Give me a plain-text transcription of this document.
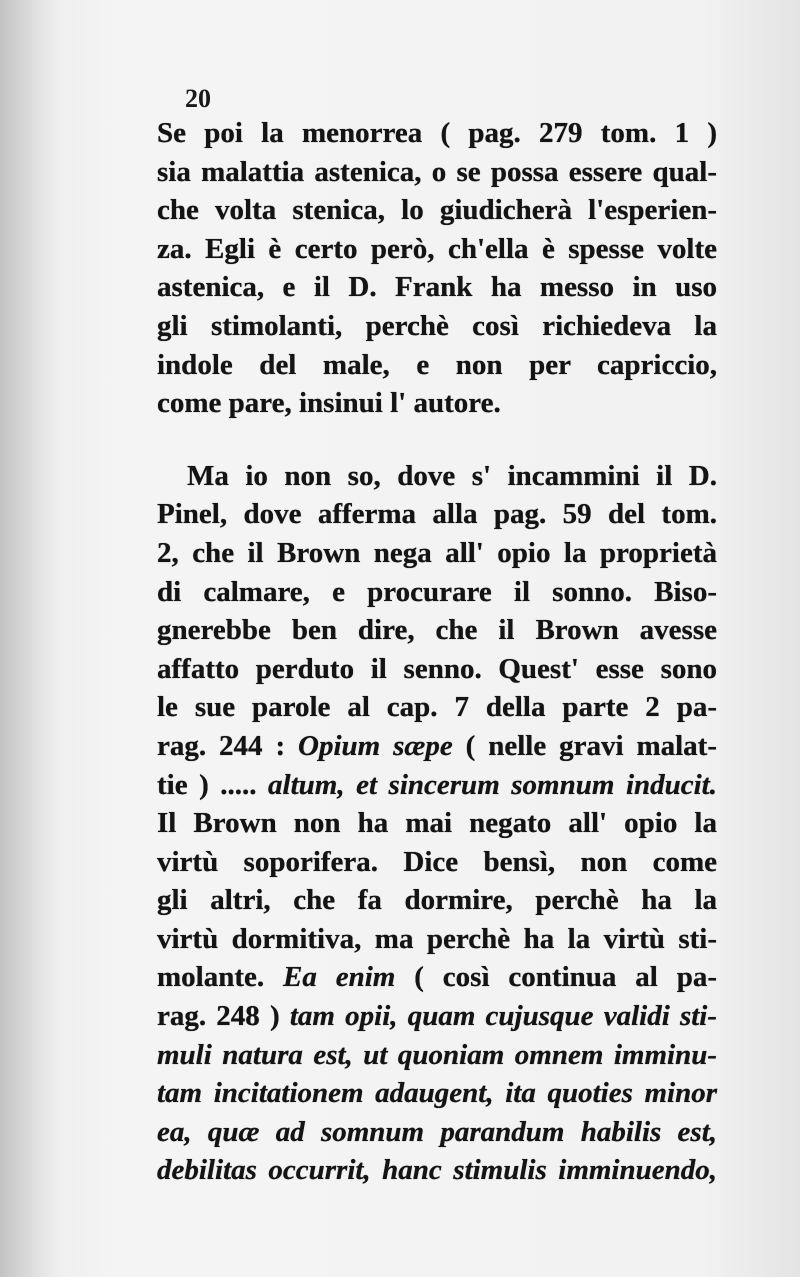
20
Se poi la menorrea ( pag. 279 tom. 1 )
sia malattia astenica, o se possa essere qual-
che volta stenica, lo giudicherà l'esperien-
za. Egli è certo però, ch'ella è spesse volte
astenica, e il D. Frank ha messo in uso
gli stimolanti, perchè così richiedeva la
indole del male, e non per capriccio,
come pare, insinui l' autore.
Ma io non so, dove s' incammini il D.
Pinel, dove afferma alla pag. 59 del tom.
2, che il Brown nega all' opio la proprietà
di calmare, e procurare il sonno. Biso-
gnerebbe ben dire, che il Brown avesse
affatto perduto il senno. Quest' esse sono
le sue parole al cap. 7 della parte 2 pa-
rag. 244 : Opium sæpe ( nelle gravi malat-
tie ) ..... altum, et sincerum somnum inducit.
Il Brown non ha mai negato all' opio la
virtù soporifera. Dice bensì, non come
gli altri, che fa dormire, perchè ha la
virtù dormitiva, ma perchè ha la virtù sti-
molante. Ea enim ( così continua al pa-
rag. 248 ) tam opii, quam cujusque validi sti-
muli natura est, ut quoniam omnem imminu-
tam incitationem adaugent, ita quoties minor
ea, quæ ad somnum parandum habilis est,
debilitas occurrit, hanc stimulis imminuendo,
